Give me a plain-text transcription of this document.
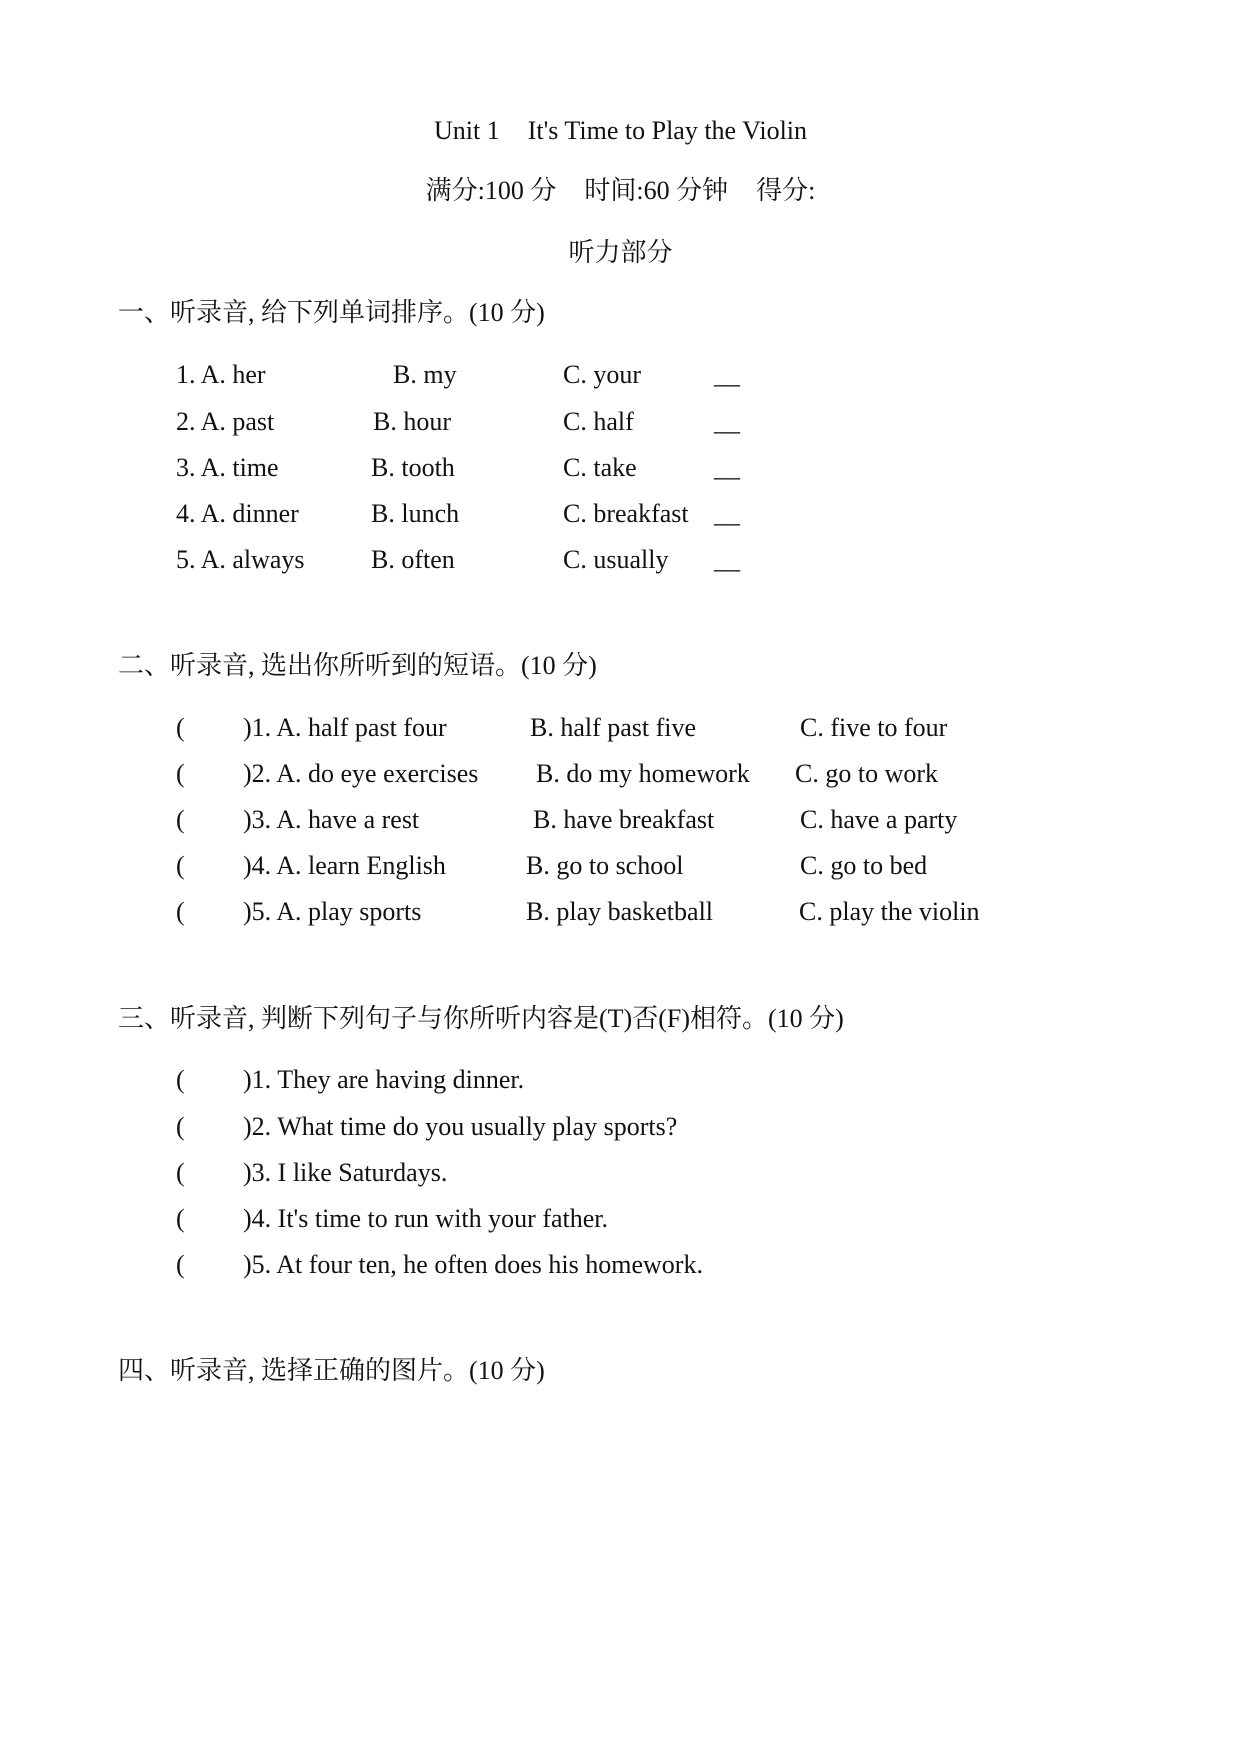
Unit 1 It's Time to Play the Violin
满分:100 分 时间:60 分钟 得分:
听力部分
一、听录音, 给下列单词排序。(10 分)
1. A. her	B. my	C. your	__
2. A. past	B. hour	C. half	__
3. A. time	B. tooth	C. take	__
4. A. dinner	B. lunch	C. breakfast __
5. A. always	B. often	C. usually __
二、听录音, 选出你所听到的短语。(10 分)
( )1. A. half past four	B. half past five	C. five to four
( )2. A. do eye exercises B. do my homework C. go to work
( )3. A. have a rest	B. have breakfast	C. have a party
( )4. A. learn English	B. go to school	C. go to bed
( )5. A. play sports	B. play basketball	C. play the violin
三、听录音, 判断下列句子与你所听内容是(T)否(F)相符。(10 分)
( )1. They are having dinner.
( )2. What time do you usually play sports?
( )3. I like Saturdays.
( )4. It's time to run with your father.
( )5. At four ten, he often does his homework.
四、听录音, 选择正确的图片。(10 分)
